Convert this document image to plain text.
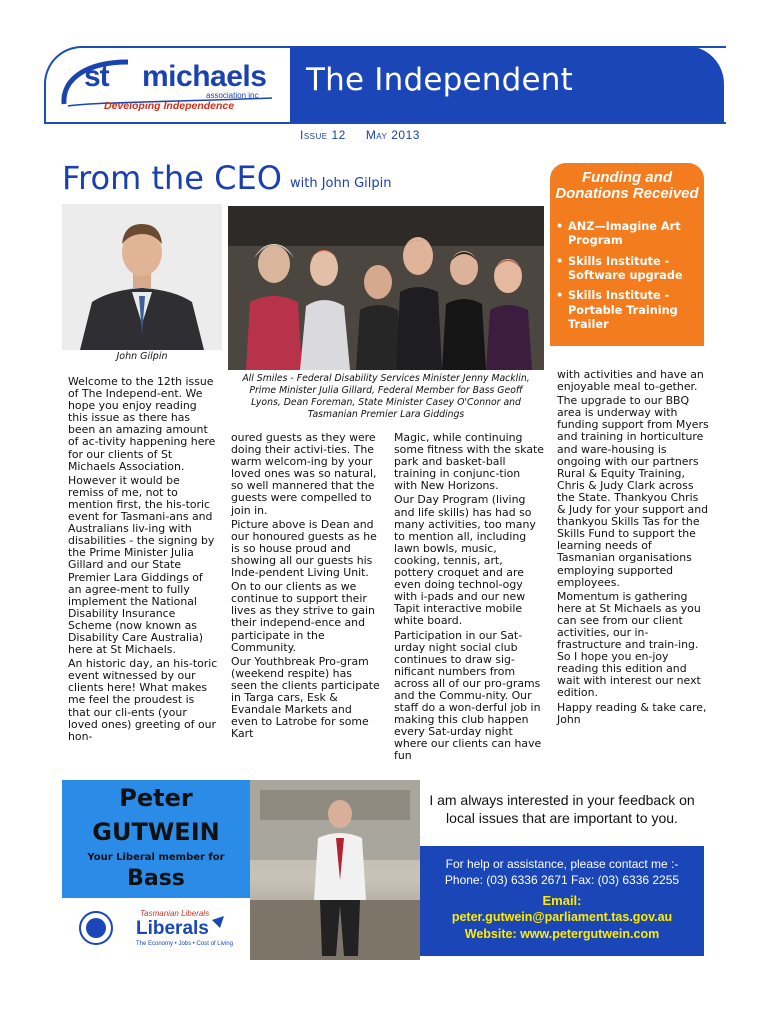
The Independent
Issue 12 May 2013
st michaels
association inc
Developing Independence
From the CEO with John Gilpin
John Gilpin
All Smiles - Federal Disability Services Minister Jenny Macklin, Prime Minister Julia Gillard, Federal Member for Bass Geoff Lyons, Dean Foreman, State Minister Casey O'Connor and Tasmanian Premier Lara Giddings
Funding and Donations Received
• ANZ—Imagine Art Program
• Skills Institute - Software upgrade
• Skills Institute - Portable Training Trailer

Welcome to the 12th issue of The Independ-ent. We hope you enjoy reading this issue as there has been an amazing amount of ac-tivity happening here for our clients of St Michaels Association.

However it would be remiss of me, not to mention first, the his-toric event for Tasmani-ans and Australians liv-ing with disabilities - the signing by the Prime Minister Julia Gillard and our State Premier Lara Giddings of an agree-ment to fully implement the National Disability Insurance Scheme (now known as Disability Care Australia) here at St Michaels.

An historic day, an his-toric event witnessed by our clients here! What makes me feel the proudest is that our cli-ents (your loved ones) greeting of our hon-

oured guests as they were doing their activi-ties. The warm welcom-ing by your loved ones was so natural, so well mannered that the guests were compelled to join in.

Picture above is Dean and our honoured guests as he is so house proud and showing all our guests his Inde-pendent Living Unit.

On to our clients as we continue to support their lives as they strive to gain their independ-ence and participate in the Community.

Our Youthbreak Pro-gram (weekend respite) has seen the clients participate in Targa cars, Esk & Evandale Markets and even to Latrobe for some Kart

Magic, while continuing some fitness with the skate park and basket-ball training in conjunc-tion with New Horizons.

Our Day Program (living and life skills) has had so many activities, too many to mention all, including lawn bowls, music, cooking, tennis, art, pottery croquet and are even doing technol-ogy with i-pads and our new Tapit interactive mobile white board.

Participation in our Sat-urday night social club continues to draw sig-nificant numbers from across all of our pro-grams and the Commu-nity. Our staff do a won-derful job in making this club happen every Sat-urday night where our clients can have fun

with activities and have an enjoyable meal to-gether.

The upgrade to our BBQ area is underway with funding support from Myers and training in horticulture and ware-housing is ongoing with our partners Rural & Equity Training, Chris & Judy Clark across the State. Thankyou Chris & Judy for your support and thankyou Skills Tas for the Skills Fund to support the learning needs of Tasmanian organisations employing supported employees.

Momentum is gathering here at St Michaels as you can see from our client activities, our in-frastructure and train-ing. So I hope you en-joy reading this edition and wait with interest our next edition.

Happy reading & take care, John

Peter
GUTWEIN
Your Liberal member for
Bass
Tasmanian Liberals
Liberals
The Economy • Jobs • Cost of Living
I am always interested in your feedback on local issues that are important to you.
For help or assistance, please contact me :-
Phone: (03) 6336 2671 Fax: (03) 6336 2255
Email:
peter.gutwein@parliament.tas.gov.au
Website: www.petergutwein.com
